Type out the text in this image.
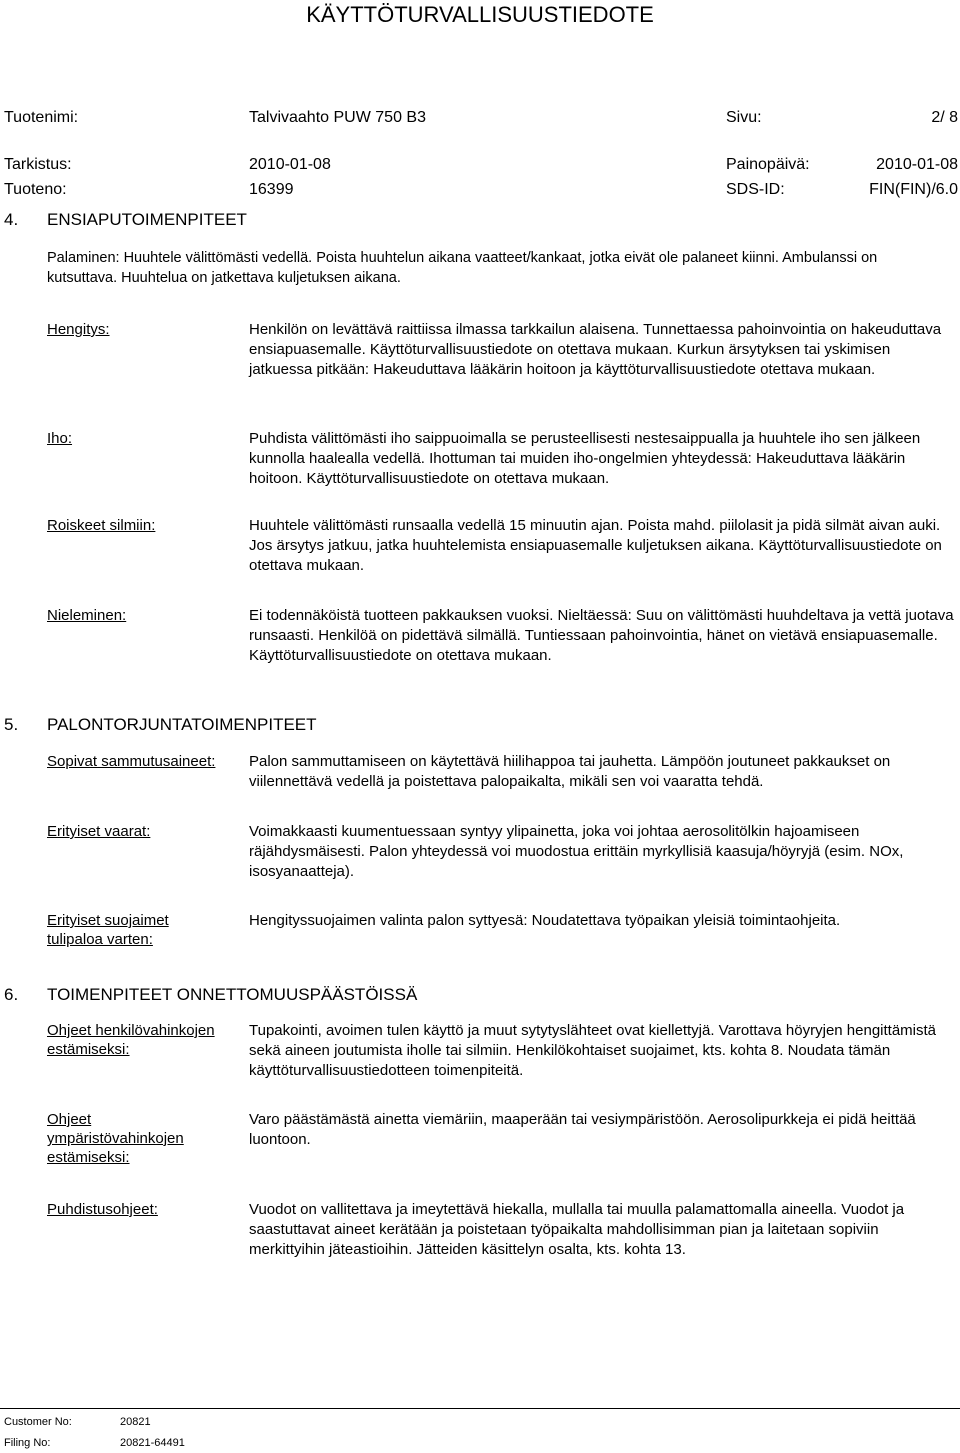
KÄYTTÖTURVALLISUUSTIEDOTE
Tuotenimi:	Talvivaahto PUW 750 B3	Sivu:	2/ 8
Tarkistus:	2010-01-08	Painopäivä:	2010-01-08
Tuoteno:	16399	SDS-ID:	FIN(FIN)/6.0
4. ENSIAPUTOIMENPITEET
Palaminen: Huuhtele välittömästi vedellä. Poista huuhtelun aikana vaatteet/kankaat, jotka eivät ole palaneet kiinni. Ambulanssi on kutsuttava. Huuhtelua on jatkettava kuljetuksen aikana.
Hengitys:	Henkilön on levättävä raittiissa ilmassa tarkkailun alaisena. Tunnettaessa pahoinvointia on hakeuduttava ensiapuasemalle. Käyttöturvallisuustiedote on otettava mukaan. Kurkun ärsytyksen tai yskimisen jatkuessa pitkään: Hakeuduttava lääkärin hoitoon ja käyttöturvallisuustiedote otettava mukaan.
Iho:	Puhdista välittömästi iho saippuoimalla se perusteellisesti nestesaippualla ja huuhtele iho sen jälkeen kunnolla haalealla vedellä. Ihottuman tai muiden iho-ongelmien yhteydessä: Hakeuduttava lääkärin hoitoon. Käyttöturvallisuustiedote on otettava mukaan.
Roiskeet silmiin:	Huuhtele välittömästi runsaalla vedellä 15 minuutin ajan. Poista mahd. piilolasit ja pidä silmät aivan auki. Jos ärsytys jatkuu, jatka huuhtelemista ensiapuasemalle kuljetuksen aikana. Käyttöturvallisuustiedote on otettava mukaan.
Nieleminen:	Ei todennäköistä tuotteen pakkauksen vuoksi. Nieltäessä: Suu on välittömästi huuhdeltava ja vettä juotava runsaasti. Henkilöä on pidettävä silmällä. Tuntiessaan pahoinvointia, hänet on vietävä ensiapuasemalle. Käyttöturvallisuustiedote on otettava mukaan.
5. PALONTORJUNTATOIMENPITEET
Sopivat sammutusaineet: Palon sammuttamiseen on käytettävä hiilihappoa tai jauhetta. Lämpöön joutuneet pakkaukset on viilennettävä vedellä ja poistettava palopaikalta, mikäli sen voi vaaratta tehdä.
Erityiset vaarat:	Voimakkaasti kuumentuessaan syntyy ylipainetta, joka voi johtaa aerosolitölkin hajoamiseen räjähdysmäisesti. Palon yhteydessä voi muodostua erittäin myrkyllisiä kaasuja/höyryjä (esim. NOx, isosyanaatteja).
Erityiset suojaimet tulipaloa varten:
Hengityssuojaimen valinta palon syttyesä: Noudatettava työpaikan yleisiä toimintaohjeita.
6. TOIMENPITEET ONNETTOMUUSPÄÄSTÖISSÄ
Ohjeet henkilövahinkojen estämiseksi:
Tupakointi, avoimen tulen käyttö ja muut sytytyslähteet ovat kiellettyjä. Varottava höyryjen hengittämistä sekä aineen joutumista iholle tai silmiin. Henkilökohtaiset suojaimet, kts. kohta 8. Noudata tämän käyttöturvallisuustiedotteen toimenpiteitä.
Ohjeet ympäristövahinkojen estämiseksi:
Varo päästämästä ainetta viemäriin, maaperään tai vesiympäristöön. Aerosolipurkkeja ei pidä heittää luontoon.
Puhdistusohjeet:	Vuodot on vallitettava ja imeytettävä hiekalla, mullalla tai muulla palamattomalla aineella. Vuodot ja saastuttavat aineet kerätään ja poistetaan työpaikalta mahdollisimman pian ja laitetaan sopiviin merkittyihin jäteastioihin. Jätteiden käsittelyn osalta, kts. kohta 13.
Customer No:	20821
Filing No:	20821-64491
